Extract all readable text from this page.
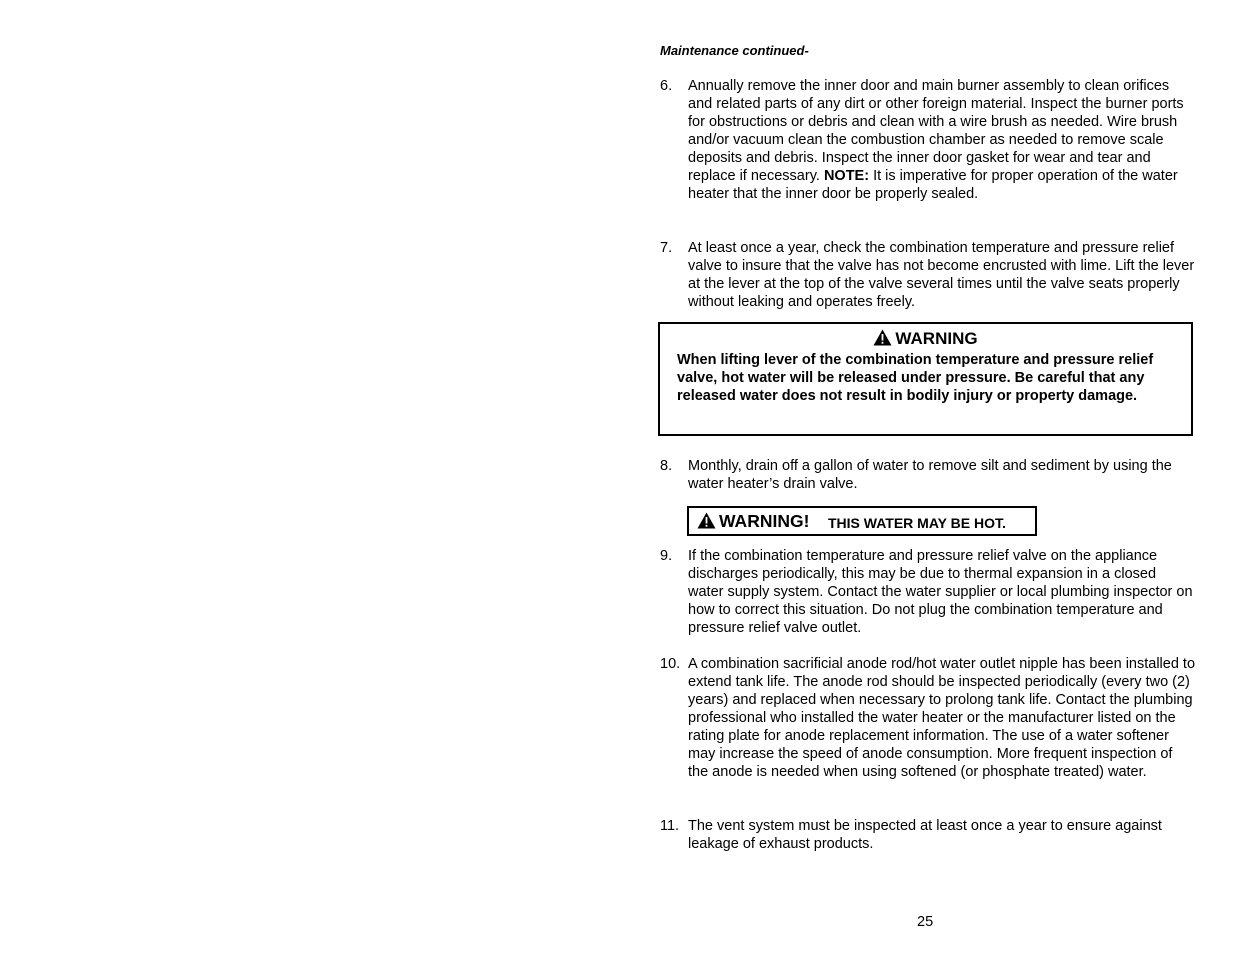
Maintenance continued-
6.	Annually remove the inner door and main burner assembly to clean orifices and related parts of any dirt or other foreign material. Inspect the burner ports for obstructions or debris and clean with a wire brush as needed. Wire brush and/or vacuum clean the combustion chamber as needed to remove scale deposits and debris. Inspect the inner door gasket for wear and tear and replace if necessary. NOTE: It is imperative for proper operation of the water heater that the inner door be properly sealed.
7.	At least once a year, check the combination temperature and pressure relief valve to insure that the valve has not become encrusted with lime. Lift the lever at the lever at the top of the valve several times until the valve seats properly without leaking and operates freely.
WARNING
When lifting lever of the combination temperature and pressure relief valve, hot water will be released under pressure. Be careful that any released water does not result in bodily injury or property damage.
8.	Monthly, drain off a gallon of water to remove silt and sediment by using the water heater’s drain valve.
WARNING! THIS WATER MAY BE HOT.
9.	If the combination temperature and pressure relief valve on the appliance discharges periodically, this may be due to thermal expansion in a closed water supply system. Contact the water supplier or local plumbing inspector on how to correct this situation. Do not plug the combination temperature and pressure relief valve outlet.
10. A combination sacrificial anode rod/hot water outlet nipple has been installed to extend tank life. The anode rod should be inspected periodically (every two (2) years) and replaced when necessary to prolong tank life. Contact the plumbing professional who installed the water heater or the manufacturer listed on the rating plate for anode replacement information. The use of a water softener may increase the speed of anode consumption. More frequent inspection of the anode is needed when using softened (or phosphate treated) water.
11. The vent system must be inspected at least once a year to ensure against leakage of exhaust products.
25
